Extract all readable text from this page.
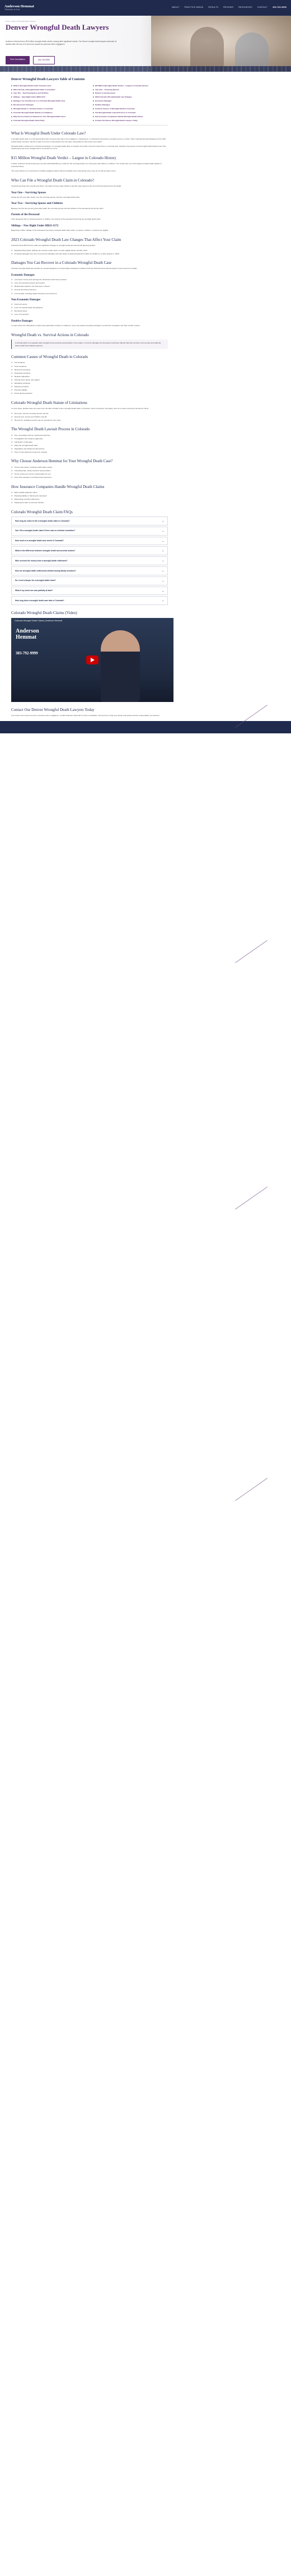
Anderson Hemmat
Attorneys at Law
ABOUT	PRACTICE AREAS	RESULTS	REVIEWS	RESOURCES	CONTACT	303-792-9999
Home › Denver Wrongful Death Lawyers
Denver Wrongful Death Lawyers

Anderson Hemmat has a $15 million wrongful death verdict, among other significant results. Our Denver wrongful death lawyers advocate for families after the loss of a loved one caused by someone else's negligence.

Free Consultation	303-792-9999
Denver Wrongful Death Lawyers Table of Contents
■ What Is Wrongful Death Under Colorado Law?	■ $15 Million Wrongful Death Verdict – Largest in Colorado History
■ Who Can File a Wrongful Death Claim in Colorado?	■ Year One – Surviving Spouse
■ Year Two – Surviving Spouse and Children	■ Parents of the Deceased
■ Siblings – New Right Under HB23-1172	■ 2023 Colorado Wrongful Death Law Changes
■ Damages You Can Recover in a Colorado Wrongful Death Case	■ Economic Damages
■ Non-Economic Damages	■ Punitive Damages
■ Wrongful Death vs. Survival Actions in Colorado	■ Common Causes of Wrongful Death in Colorado
■ Colorado Wrongful Death Statute of Limitations	■ The Wrongful Death Lawsuit Process in Colorado
■ Why Choose Anderson Hemmat for Your Wrongful Death Case?	■ How Insurance Companies Handle Wrongful Death Claims
■ Colorado Wrongful Death Claim FAQs	■ Contact Our Denver Wrongful Death Lawyers Today
What Is Wrongful Death Under Colorado Law?

A wrongful death claim is a civil lawsuit filed when someone dies due to the negligence, recklessness, or intentional misconduct of another person or entity. Under Colorado Revised Statutes § 13-21-202, certain family members may file a claim to recover compensation from the party responsible for their loved one's death.

Wrongful death is distinct from criminal proceedings. If a wrongful death claim is brought, the burden of proof is lower than in a criminal case. Families may pursue a civil wrongful death lawsuit even if the at-fault party was never charged with or convicted of a crime.

$15 Million Wrongful Death Verdict – Largest in Colorado History

In 2021, Anderson Hemmat attorneys secured a $15,000,000 jury verdict for the surviving family of a motorcycle rider killed in a collision. The verdict was one of the largest wrongful death awards in Colorado history.

The result reflects our commitment to holding negligent parties fully accountable and to presenting every case as if it will go before a jury.

Who Can File a Wrongful Death Claim in Colorado?

Colorado law limits who may file and when. The right to bring a claim follows a specific order based on the time that has passed since the death.

Year One – Surviving Spouse

During the first year after death, only the surviving spouse may file a wrongful death claim.

Year Two – Surviving Spouse and Children

Between the first and second years after death, the surviving spouse and the children of the deceased may file the claim.

Parents of the Deceased

If the deceased had no surviving spouse or children, the parents of the deceased may bring the wrongful death claim.

Siblings – New Right Under HB23-1172

Beginning in 2024, siblings of the deceased may bring a wrongful death claim when no spouse, children, or parents are eligible.

2023 Colorado Wrongful Death Law Changes That Affect Your Claim

Colorado House Bill 23-1172 made two significant changes to wrongful death law that benefit grieving families.

✔ Expanded filing rights: siblings can now file a claim when no other eligible family member exists.
✔ Increased damages cap: the non-economic damages cap was raised to approximately $1.5 million for deaths on or after January 1, 2025.
Damages You Can Recover in a Colorado Wrongful Death Case

Colorado wrongful death law provides for several categories of compensation designed to address both the financial and emotional impact of your loved one's death.

Economic Damages
✔ Lost future income and earnings the deceased would have provided
✔ Loss of household services and support
✔ Medical bills related to the final injury or illness
✔ Funeral and burial expenses
✔ Lost benefits, including health insurance and retirement
Non-Economic Damages
✔ Grief and sorrow
✔ Loss of companionship and guidance
✔ Emotional stress
✔ Loss of consortium
Punitive Damages

In cases where the defendant's conduct was particularly reckless or malicious, a jury may award exemplary damages to punish the wrongdoer and deter similar conduct.

Wrongful Death vs. Survival Actions in Colorado
A survival action is a separate claim brought by the personal representative of the estate. It recovers damages the deceased could have claimed had they survived, such as pain and suffering before death and medical expenses.
Common Causes of Wrongful Death in Colorado
✔ Car accidents
✔ Truck accidents
✔ Motorcycle accidents
✔ Pedestrian accidents
✔ Medical malpractice
✔ Nursing home abuse and neglect
✔ Workplace accidents
✔ Defective products
✔ Premises liability
✔ Drunk driving accidents
Colorado Wrongful Death Statute of Limitations

In most cases, families have two years from the date of death to file a wrongful death claim in Colorado. Some exceptions may apply, such as in cases involving a hit-and-run driver.

✔ First year: only the surviving spouse may file
✔ Second year: spouse and children may file
✔ Hit-and-run: limitations period may be extended to four years
The Wrongful Death Lawsuit Process in Colorado
✔ Free consultation with an experienced attorney
✔ Investigation and evidence gathering
✔ Calculation of damages
✔ Filing the wrongful death claim
✔ Negotiation and settlement discussions
✔ Trial, if a fair settlement cannot be reached
Why Choose Anderson Hemmat for Your Wrongful Death Case?
✔ Proven trial results, including a $15 million verdict
✔ Compassionate, family-centered representation
✔ No fee unless we recover compensation for you
✔ Over three decades of combined trial experience
How Insurance Companies Handle Wrongful Death Claims
✔ Early lowball settlement offers
✔ Disputing liability or blaming the deceased
✔ Requesting recorded statements
✔ Delaying the claim to pressure families
Colorado Wrongful Death Claim FAQs
How long do I have to file a wrongful death claim in Colorado?	⌄
Can I file a wrongful death claim if there was no criminal conviction?	⌄
How much is a wrongful death case worth in Colorado?	⌄
What is the difference between wrongful death and survival actions?	⌄
Who receives the money from a wrongful death settlement?	⌄
How are wrongful death settlements divided among family members?	⌄
Do I need a lawyer for a wrongful death claim?	⌄
What if my loved one was partially at fault?	⌄
How long does a wrongful death case take in Colorado?	⌄
Colorado Wrongful Death Claims (Video)
Colorado Wrongful Death Claims | Anderson Hemmat
Anderson
Hemmat
303-792-9999
Contact Our Denver Wrongful Death Lawyers Today

If you have lost a loved one due to someone else's negligence, contact Anderson Hemmat for a free consultation. We are here to help your family seek justice and the compensation you deserve.
